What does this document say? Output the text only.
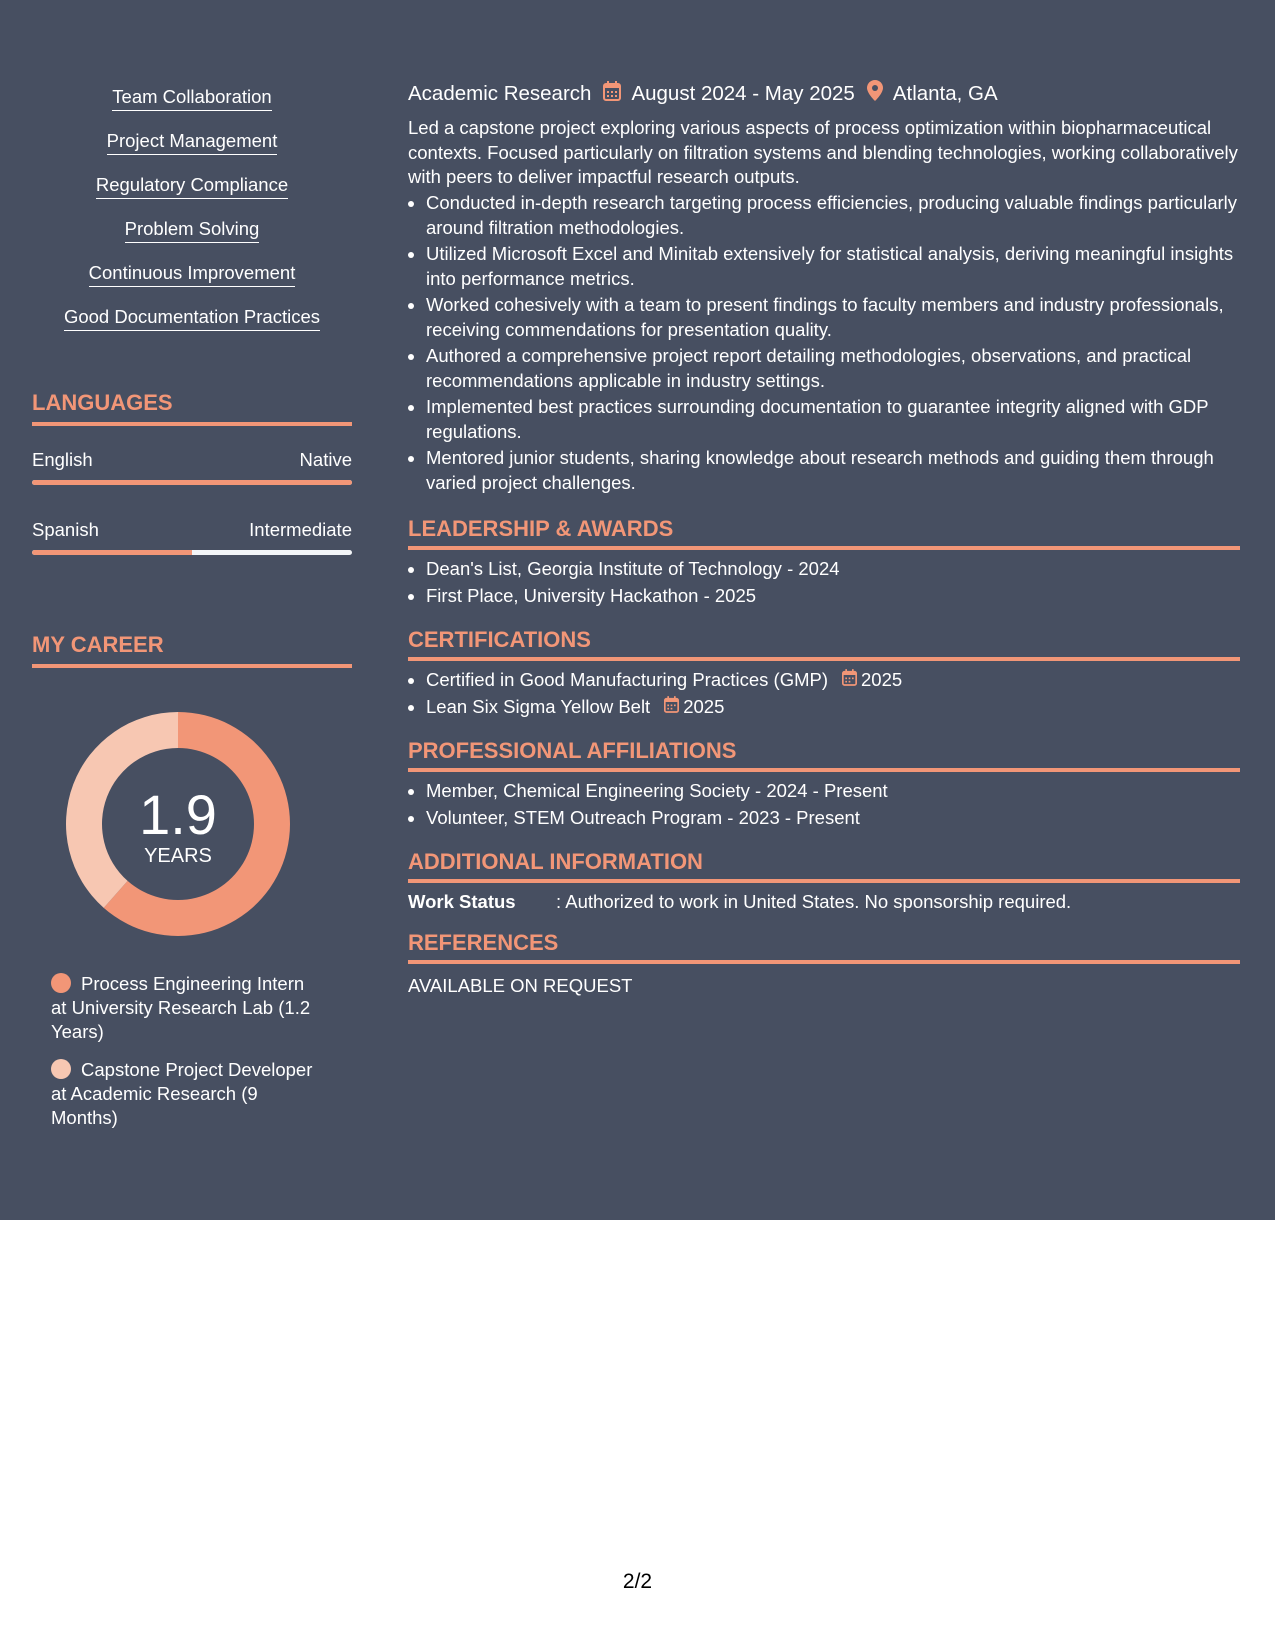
Team Collaboration
Project Management
Regulatory Compliance
Problem Solving
Continuous Improvement
Good Documentation Practices
LANGUAGES
English	Native
Spanish	Intermediate
MY CAREER
1.9
YEARS
Process Engineering Intern at University Research Lab (1.2 Years)
Capstone Project Developer at Academic Research (9 Months)
Academic Research August 2024 - May 2025 Atlanta, GA
Led a capstone project exploring various aspects of process optimization within biopharmaceutical contexts. Focused particularly on filtration systems and blending technologies, working collaboratively with peers to deliver impactful research outputs.
• Conducted in-depth research targeting process efficiencies, producing valuable findings particularly around filtration methodologies.
• Utilized Microsoft Excel and Minitab extensively for statistical analysis, deriving meaningful insights into performance metrics.
• Worked cohesively with a team to present findings to faculty members and industry professionals, receiving commendations for presentation quality.
• Authored a comprehensive project report detailing methodologies, observations, and practical recommendations applicable in industry settings.
• Implemented best practices surrounding documentation to guarantee integrity aligned with GDP regulations.
• Mentored junior students, sharing knowledge about research methods and guiding them through varied project challenges.
LEADERSHIP & AWARDS
• Dean's List, Georgia Institute of Technology - 2024
• First Place, University Hackathon - 2025
CERTIFICATIONS
• Certified in Good Manufacturing Practices (GMP) 2025
• Lean Six Sigma Yellow Belt 2025
PROFESSIONAL AFFILIATIONS
• Member, Chemical Engineering Society - 2024 - Present
• Volunteer, STEM Outreach Program - 2023 - Present
ADDITIONAL INFORMATION
Work Status	: Authorized to work in United States. No sponsorship required.
REFERENCES
AVAILABLE ON REQUEST
2/2
